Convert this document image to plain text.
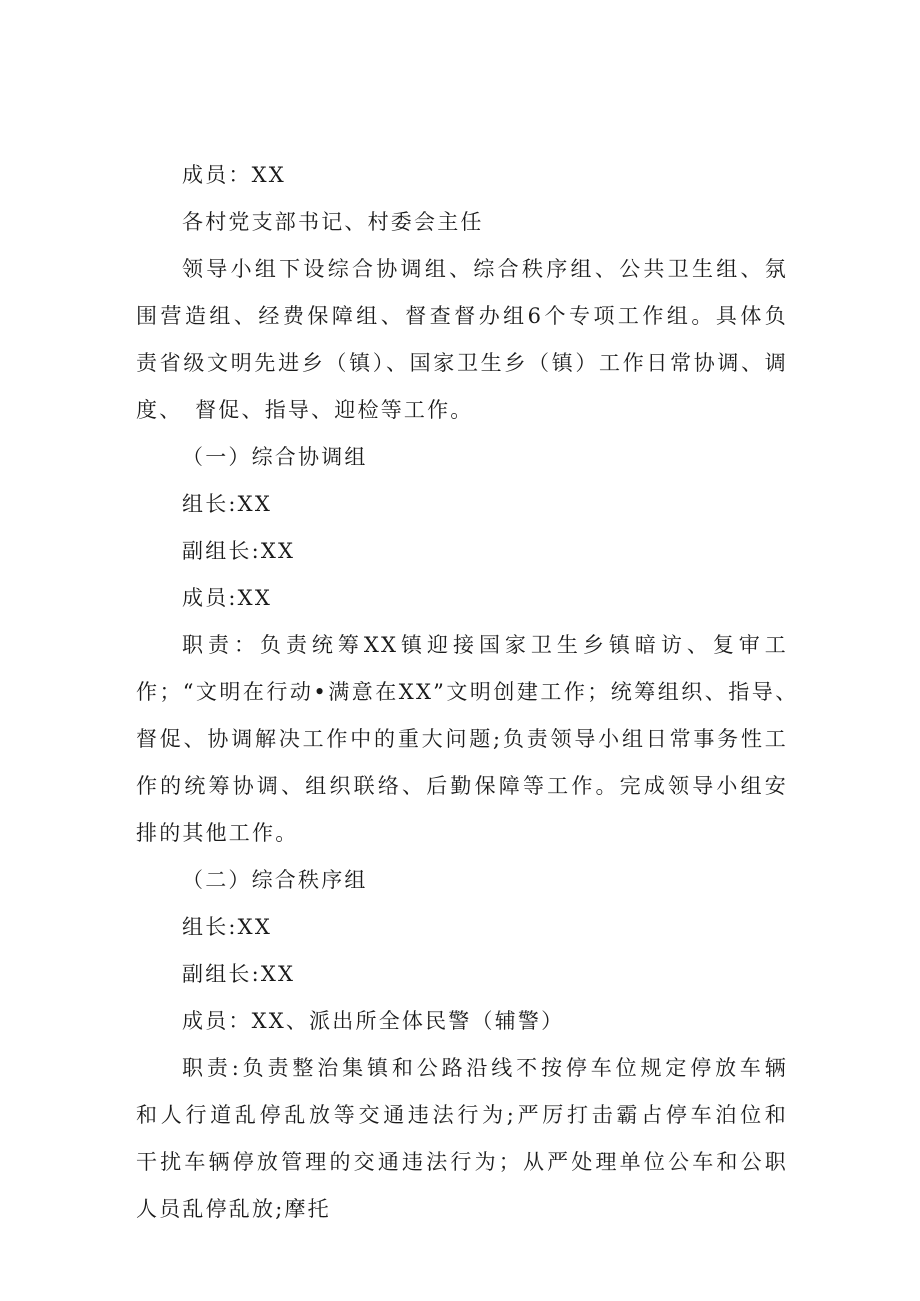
成员：XX

各村党支部书记、村委会主任

领导小组下设综合协调组、综合秩序组、公共卫生组、氛　围营造组、经费保障组、督查督办组6个专项工作组。具体负　责省级文明先进乡（镇）、国家卫生乡（镇）工作日常协调、调度、　督促、指导、迎检等工作。

（一）综合协调组

组长:XX

副组长:XX

成员:XX

职责：负责统筹XX镇迎接国家卫生乡镇暗访、复审工作；“文明在行动•满意在XX”文明创建工作；统筹组织、指导、　督促、协调解决工作中的重大问题;负责领导小组日常事务性工　作的统筹协调、组织联络、后勤保障等工作。完成领导小组安　排的其他工作。

（二）综合秩序组

组长:XX

副组长:XX

成员：XX、派出所全体民警（辅警）

职责:负责整治集镇和公路沿线不按停车位规定停放车辆　和人行道乱停乱放等交通违法行为;严厉打击霸占停车泊位和　干扰车辆停放管理的交通违法行为；从严处理单位公车和公职　人员乱停乱放;摩托
